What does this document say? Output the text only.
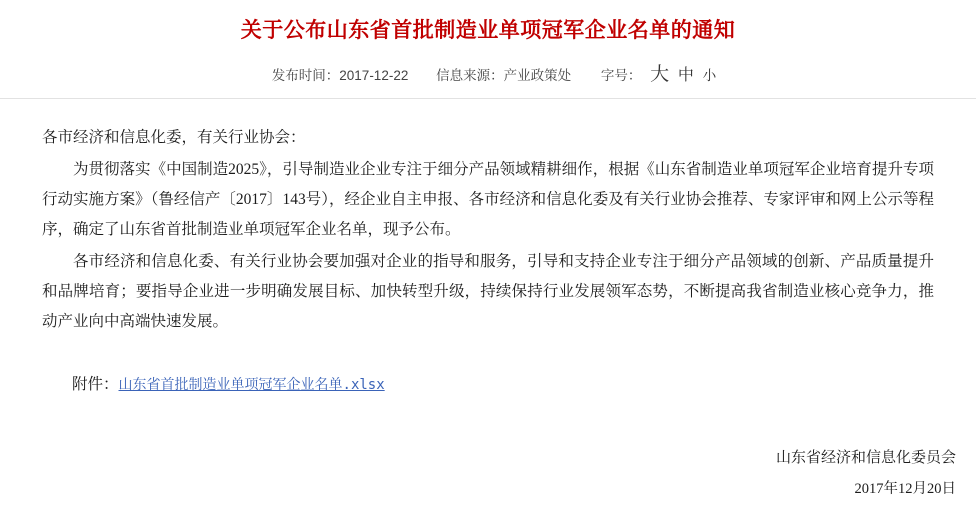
关于公布山东省首批制造业单项冠军企业名单的通知
发布时间：2017-12-22 信息来源：产业政策处 字号： 大 中 小

各市经济和信息化委，有关行业协会：

为贯彻落实《中国制造2025》，引导制造业企业专注于细分产品领域精耕细作，根据《山东省制造业单项冠军企业培育提升专项行动实施方案》（鲁经信产〔2017〕143号），经企业自主申报、各市经济和信息化委及有关行业协会推荐、专家评审和网上公示等程序，确定了山东省首批制造业单项冠军企业名单，现予公布。

各市经济和信息化委、有关行业协会要加强对企业的指导和服务，引导和支持企业专注于细分产品领域的创新、产品质量提升和品牌培育；要指导企业进一步明确发展目标、加快转型升级，持续保持行业发展领军态势，不断提高我省制造业核心竞争力，推动产业向中高端快速发展。

附件：山东省首批制造业单项冠军企业名单.xlsx
山东省经济和信息化委员会
2017年12月20日
